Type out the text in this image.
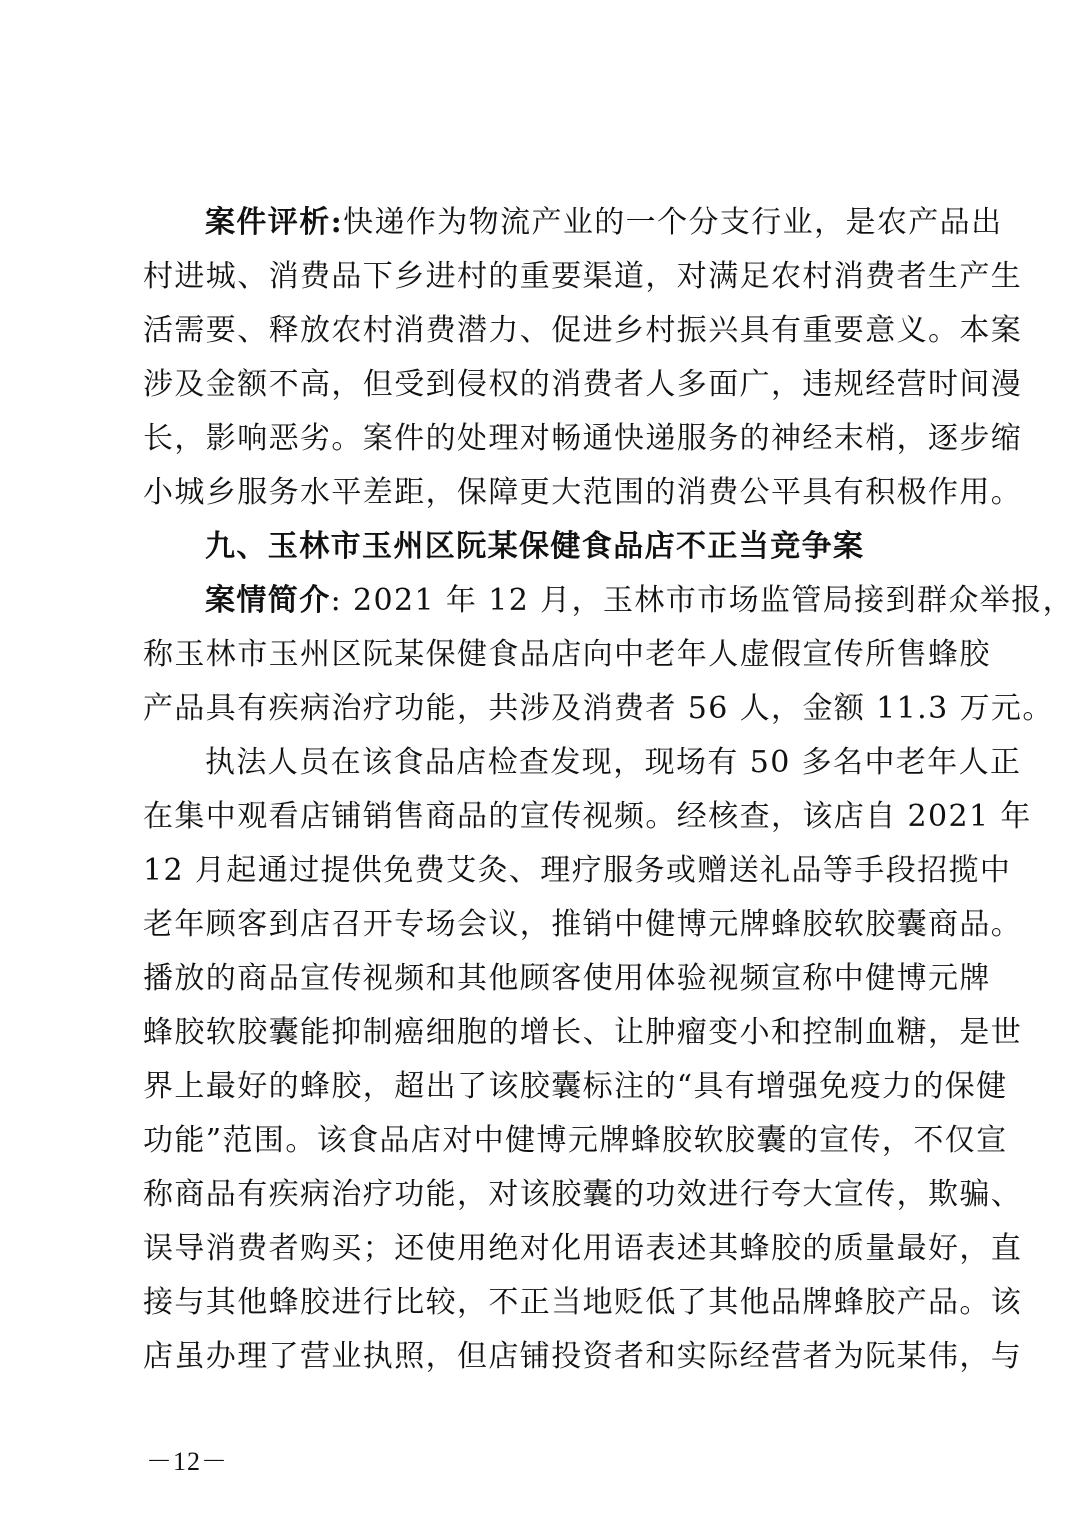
案件评析:快递作为物流产业的一个分支行业，是农产品出
村进城、消费品下乡进村的重要渠道，对满足农村消费者生产生
活需要、释放农村消费潜力、促进乡村振兴具有重要意义。本案
涉及金额不高，但受到侵权的消费者人多面广，违规经营时间漫
长，影响恶劣。案件的处理对畅通快递服务的神经末梢，逐步缩
小城乡服务水平差距，保障更大范围的消费公平具有积极作用。
九、玉林市玉州区阮某保健食品店不正当竞争案
案情简介: 2021 年 12 月，玉林市市场监管局接到群众举报，
称玉林市玉州区阮某保健食品店向中老年人虚假宣传所售蜂胶
产品具有疾病治疗功能，共涉及消费者 56 人，金额 11.3 万元。
执法人员在该食品店检查发现，现场有 50 多名中老年人正
在集中观看店铺销售商品的宣传视频。经核查，该店自 2021 年
12 月起通过提供免费艾灸、理疗服务或赠送礼品等手段招揽中
老年顾客到店召开专场会议，推销中健博元牌蜂胶软胶囊商品。
播放的商品宣传视频和其他顾客使用体验视频宣称中健博元牌
蜂胶软胶囊能抑制癌细胞的增长、让肿瘤变小和控制血糖，是世
界上最好的蜂胶，超出了该胶囊标注的“具有增强免疫力的保健
功能”范围。该食品店对中健博元牌蜂胶软胶囊的宣传，不仅宣
称商品有疾病治疗功能，对该胶囊的功效进行夸大宣传，欺骗、
误导消费者购买；还使用绝对化用语表述其蜂胶的质量最好，直
接与其他蜂胶进行比较，不正当地贬低了其他品牌蜂胶产品。该
店虽办理了营业执照，但店铺投资者和实际经营者为阮某伟，与
－12－
